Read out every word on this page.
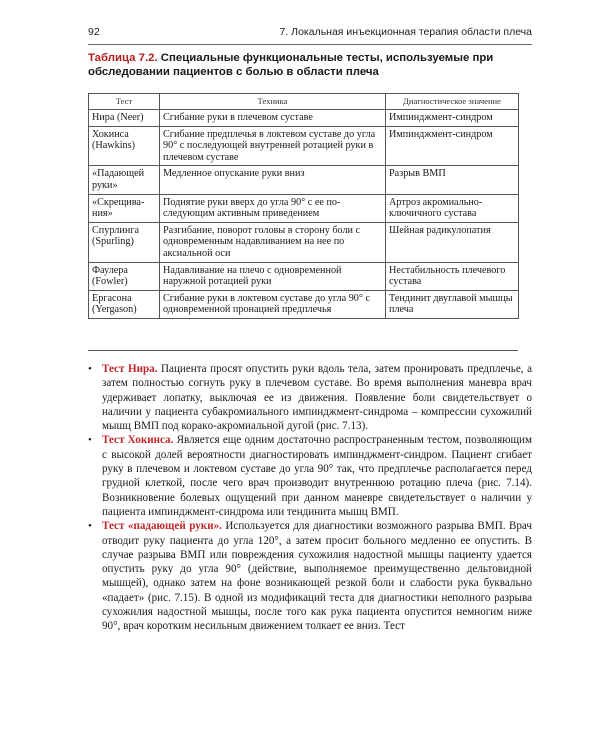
92	7. Локальная инъекционная терапия области плеча
Таблица 7.2. Специальные функциональные тесты, используемые при обследовании пациентов с болью в области плеча
Тест	Техника	Диагностическое значение
Нира (Neer)	Сгибание руки в плечевом суставе	Импинджмент-синдром
Хокинса (Hawkins)	Сгибание предплечья в локтевом суставе до угла 90° с последующей внутренней ротацией руки в плечевом суставе	Импинджмент-синдром
«Падающей руки»	Медленное опускание руки вниз	Разрыв ВМП
«Скрещива-ния»	Поднятие руки вверх до угла 90° с ее по-следующим активным приведением	Артроз акромиально-ключичного сустава
Спурлинга (Spurling)	Разгибание, поворот головы в сторону боли с одновременным надавливанием на нее по аксиальной оси	Шейная радикулопатия
Фаулера (Fowler)	Надавливание на плечо с одновременной наружной ротацией руки	Нестабильность плечевого сустава
Ергасона (Yergason)	Сгибание руки в локтевом суставе до угла 90° с одновременной пронацией предплечья	Тендинит двуглавой мышцы плеча
• Тест Нира. Пациента просят опустить руки вдоль тела, затем пронировать предплечье, а затем полностью согнуть руку в плечевом суставе. Во время выполнения маневра врач удерживает лопатку, выключая ее из движения. Появление боли свидетельствует о наличии у пациента субакромиального импинджмент-синдрома – компрессии сухожилий мышц ВМП под коракo-акромиальной дугой (рис. 7.13).
• Тест Хокинса. Является еще одним достаточно распространенным тестом, позволяющим с высокой долей вероятности диагностировать импинджмент-синдром. Пациент сгибает руку в плечевом и локтевом суставе до угла 90° так, что предплечье располагается перед грудной клеткой, после чего врач производит внутреннюю ротацию плеча (рис. 7.14). Возникновение болевых ощущений при данном маневре свидетельствует о наличии у пациента импинджмент-синдрома или тендинита мышц ВМП.
• Тест «падающей руки». Используется для диагностики возможного разрыва ВМП. Врач отводит руку пациента до угла 120°, а затем просит больного медленно ее опустить. В случае разрыва ВМП или повреждения сухожилия надостной мышцы пациенту удается опустить руку до угла 90° (действие, выполняемое преимущественно дельтовидной мышцей), однако затем на фоне возникающей резкой боли и слабости рука буквально «падает» (рис. 7.15). В одной из модификаций теста для диагностики неполного разрыва сухожилия надостной мышцы, после того как рука пациента опустится немногим ниже 90°, врач коротким несильным движением толкает ее вниз. Тест
